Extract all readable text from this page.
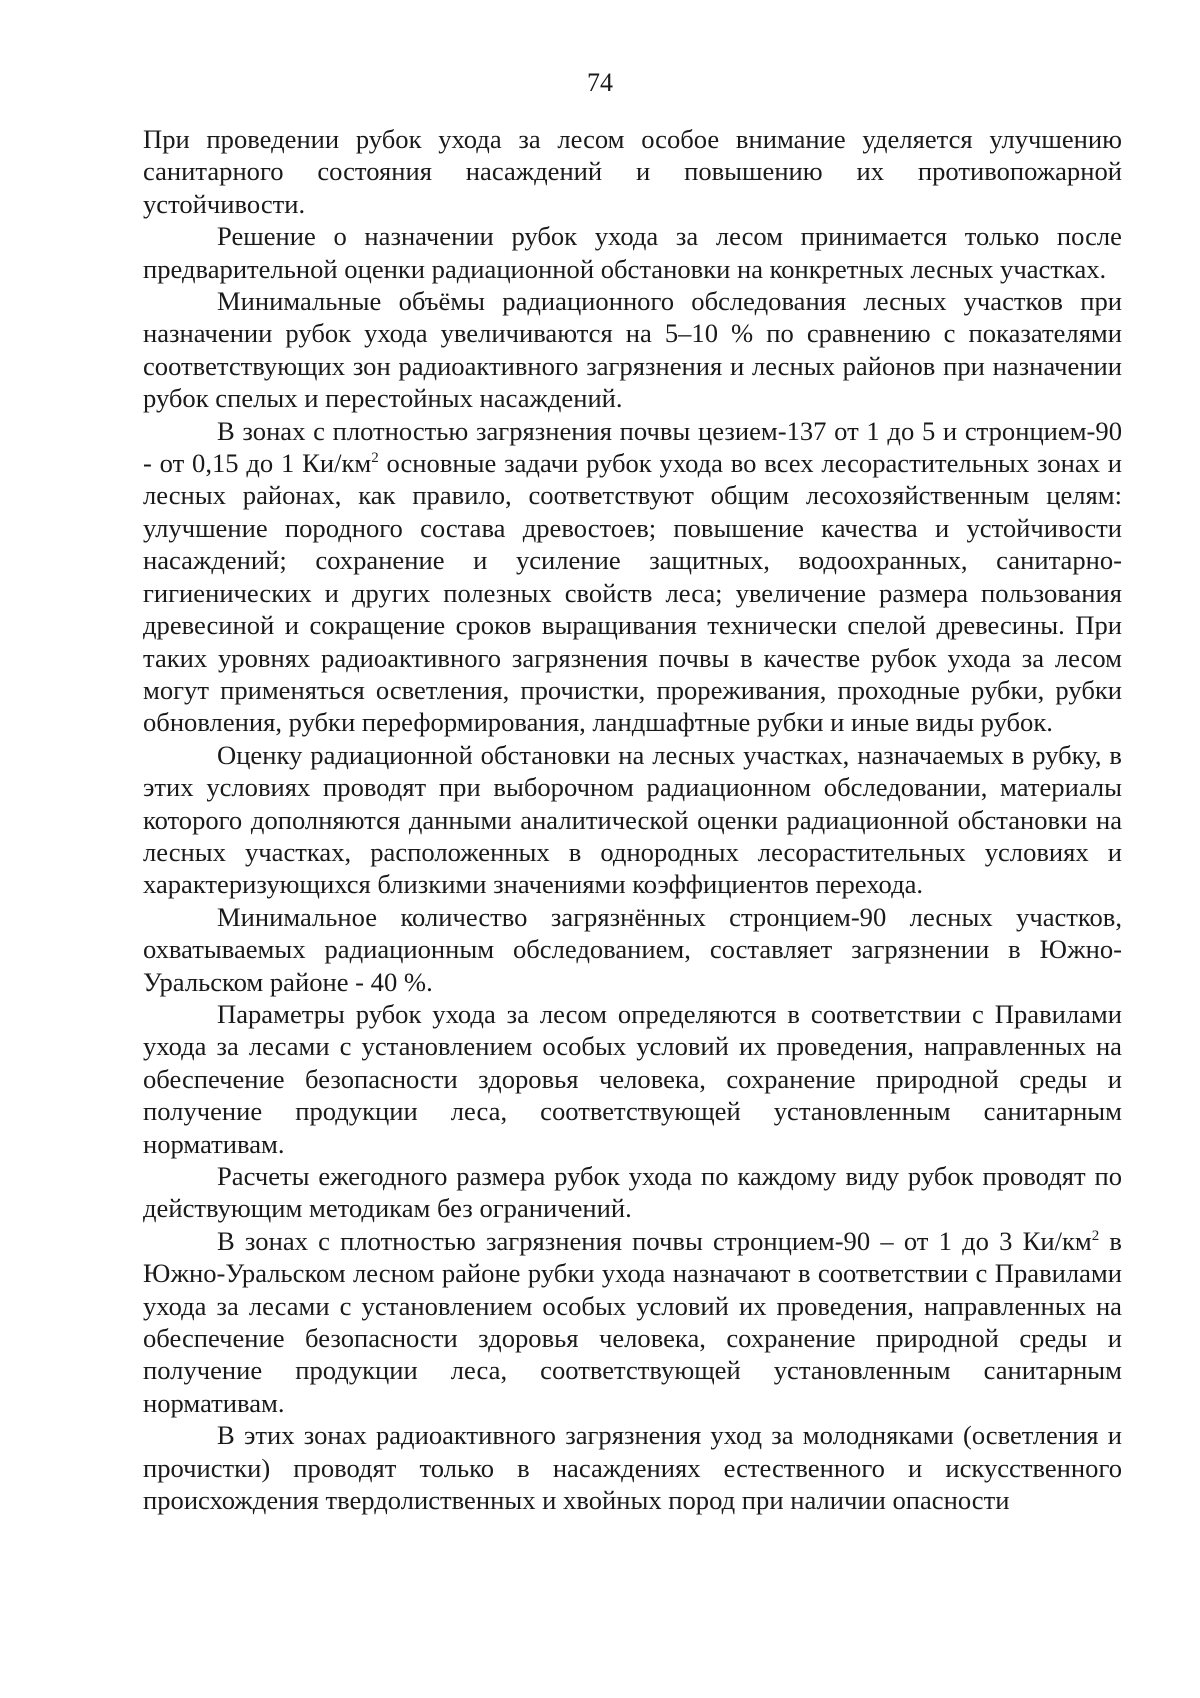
74

При проведении рубок ухода за лесом особое внимание уделяется улучшению санитарного состояния насаждений и повышению их противопожарной устойчивости.

Решение о назначении рубок ухода за лесом принимается только после предварительной оценки радиационной обстановки на конкретных лесных участках.

Минимальные объёмы радиационного обследования лесных участков при назначении рубок ухода увеличиваются на 5–10 % по сравнению с показателями соответствующих зон радиоактивного загрязнения и лесных районов при назначении рубок спелых и перестойных насаждений.

В зонах с плотностью загрязнения почвы цезием-137 от 1 до 5 и стронцием-90 - от 0,15 до 1 $Ки/км^2$ основные задачи рубок ухода во всех лесорастительных зонах и лесных районах, как правило, соответствуют общим лесохозяйственным целям: улучшение породного состава древостоев; повышение качества и устойчивости насаждений; сохранение и усиление защитных, водоохранных, санитарно-гигиенических и других полезных свойств леса; увеличение размера пользования древесиной и сокращение сроков выращивания технически спелой древесины. При таких уровнях радиоактивного загрязнения почвы в качестве рубок ухода за лесом могут применяться осветления, прочистки, прореживания, проходные рубки, рубки обновления, рубки переформирования, ландшафтные рубки и иные виды рубок.

Оценку радиационной обстановки на лесных участках, назначаемых в рубку, в этих условиях проводят при выборочном радиационном обследовании, материалы которого дополняются данными аналитической оценки радиационной обстановки на лесных участках, расположенных в однородных лесорастительных условиях и характеризующихся близкими значениями коэффициентов перехода.

Минимальное количество загрязнённых стронцием-90 лесных участков, охватываемых радиационным обследованием, составляет загрязнении в Южно-Уральском районе - 40 %.

Параметры рубок ухода за лесом определяются в соответствии с Правилами ухода за лесами с установлением особых условий их проведения, направленных на обеспечение безопасности здоровья человека, сохранение природной среды и получение продукции леса, соответствующей установленным санитарным нормативам.

Расчеты ежегодного размера рубок ухода по каждому виду рубок проводят по действующим методикам без ограничений.

В зонах с плотностью загрязнения почвы стронцием-90 – от 1 до 3 $Ки/км^2$ в Южно-Уральском лесном районе рубки ухода назначают в соответствии с Правилами ухода за лесами с установлением особых условий их проведения, направленных на обеспечение безопасности здоровья человека, сохранение природной среды и получение продукции леса, соответствующей установленным санитарным нормативам.

В этих зонах радиоактивного загрязнения уход за молодняками (осветления и прочистки) проводят только в насаждениях естественного и искусственного происхождения твердолиственных и хвойных пород при наличии опасности
